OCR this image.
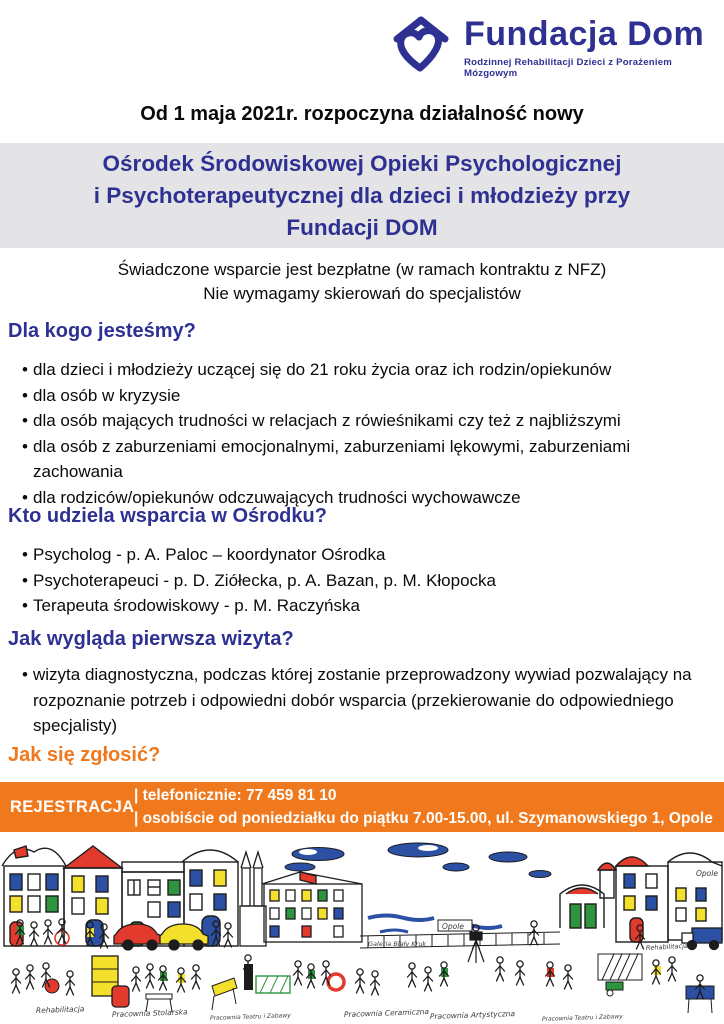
Fundacja Dom
Rodzinnej Rehabilitacji Dzieci z Porażeniem Mózgowym
Od 1 maja 2021r. rozpoczyna działalność nowy
Ośrodek Środowiskowej Opieki Psychologicznej
i Psychoterapeutycznej dla dzieci i młodzieży przy
Fundacji DOM
Świadczone wsparcie jest bezpłatne (w ramach kontraktu z NFZ)
Nie wymagamy skierowań do specjalistów
Dla kogo jesteśmy?
• dla dzieci i młodzieży uczącej się do 21 roku życia oraz ich rodzin/opiekunów
• dla osób w kryzysie
• dla osób mających trudności w relacjach z rówieśnikami czy też z najbliższymi
• dla osób z zaburzeniami emocjonalnymi, zaburzeniami lękowymi, zaburzeniami zachowania
• dla rodziców/opiekunów odczuwających trudności wychowawcze
Kto udziela wsparcia w Ośrodku?
• Psycholog - p. A. Paloc – koordynator Ośrodka
• Psychoterapeuci - p. D. Ziółecka, p. A. Bazan, p. M. Kłopocka
• Terapeuta środowiskowy - p. M. Raczyńska
Jak wygląda pierwsza wizyta?
• wizyta diagnostyczna, podczas której zostanie przeprowadzony wywiad pozwalający na rozpoznanie potrzeb i odpowiedni dobór wsparcia (przekierowanie do odpowiedniego specjalisty)
Jak się zgłosić?
REJESTRACJA
| telefonicznie: 77 459 81 10
| osobiście od poniedziałku do piątku 7.00-15.00, ul. Szymanowskiego 1, Opole
Opole
Opole
Galeria Biały Kruk
Rehabilitacja	Pracownia Stolarska	Pracownia Teatru i Zabawy	Pracownia Ceramiczna Pracownia Artystyczna	Pracownia Teatru i Zabawy
Rehabilitacja
